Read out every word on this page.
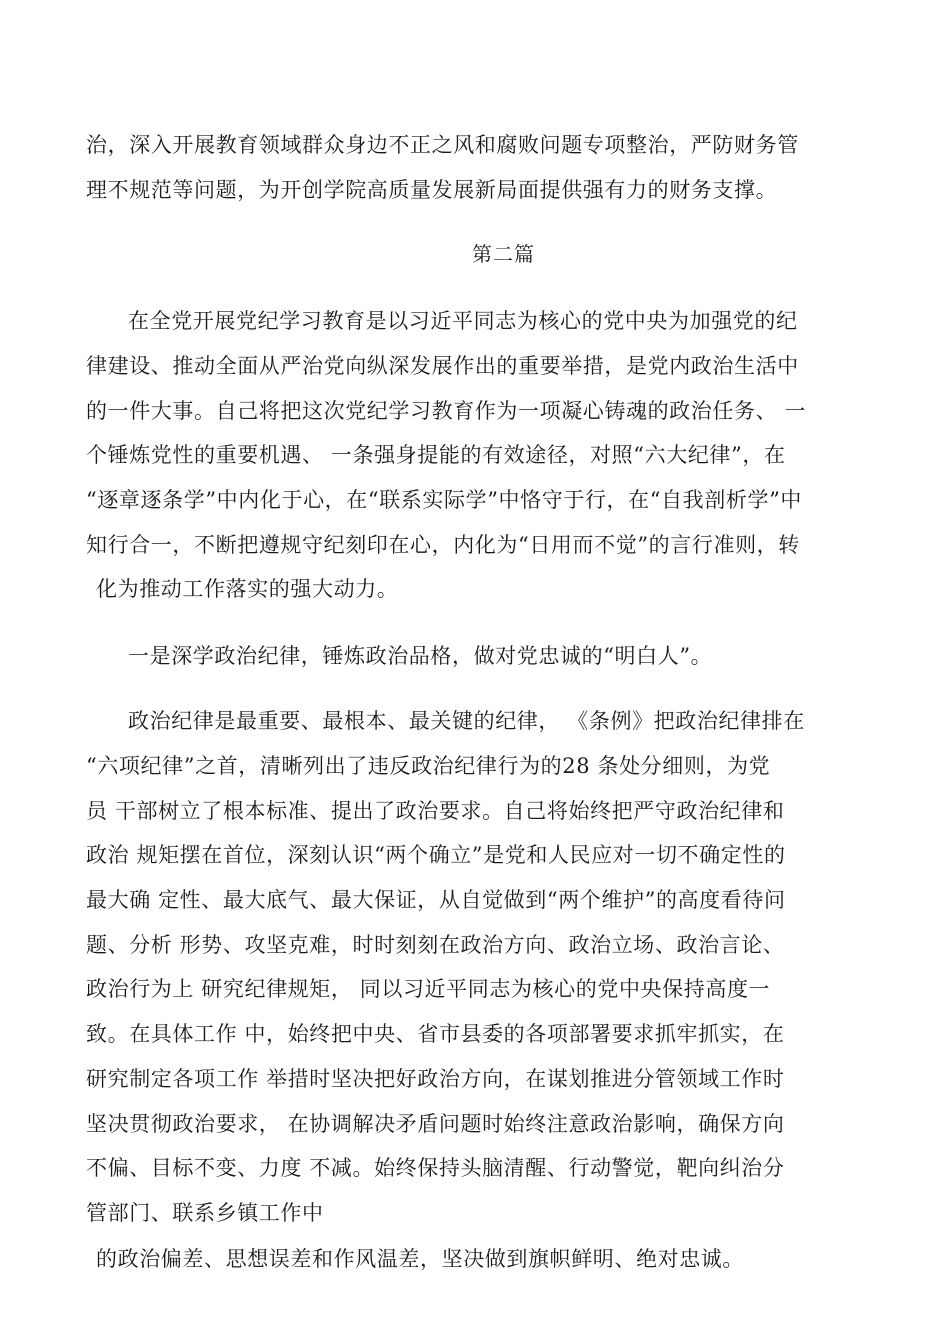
治，深入开展教育领域群众身边不正之风和腐败问题专项整治，严防财务管
理不规范等问题，为开创学院高质量发展新局面提供强有力的财务支撑。
第二篇
在全党开展党纪学习教育是以习近平同志为核心的党中央为加强党的纪
律建设、推动全面从严治党向纵深发展作出的重要举措，是党内政治生活中
的一件大事。自己将把这次党纪学习教育作为一项凝心铸魂的政治任务、 一
个锤炼党性的重要机遇、 一条强身提能的有效途径，对照“六大纪律”，在
“逐章逐条学”中内化于心，在“联系实际学”中恪守于行，在“自我剖析学”中
知行合一，不断把遵规守纪刻印在心，内化为“日用而不觉”的言行准则，转
化为推动工作落实的强大动力。
一是深学政治纪律，锤炼政治品格，做对党忠诚的“明白人”。
政治纪律是最重要、最根本、最关键的纪律， 《条例》把政治纪律排在
“六项纪律”之首，清晰列出了违反政治纪律行为的28 条处分细则，为党
员 干部树立了根本标准、提出了政治要求。自己将始终把严守政治纪律和
政治 规矩摆在首位，深刻认识“两个确立”是党和人民应对一切不确定性的
最大确 定性、最大底气、最大保证，从自觉做到“两个维护”的高度看待问
题、分析 形势、攻坚克难，时时刻刻在政治方向、政治立场、政治言论、
政治行为上 研究纪律规矩， 同以习近平同志为核心的党中央保持高度一
致。在具体工作 中，始终把中央、省市县委的各项部署要求抓牢抓实，在
研究制定各项工作 举措时坚决把好政治方向，在谋划推进分管领域工作时
坚决贯彻政治要求， 在协调解决矛盾问题时始终注意政治影响，确保方向
不偏、目标不变、力度 不减。始终保持头脑清醒、行动警觉，靶向纠治分
管部门、联系乡镇工作中
的政治偏差、思想误差和作风温差，坚决做到旗帜鲜明、绝对忠诚。
